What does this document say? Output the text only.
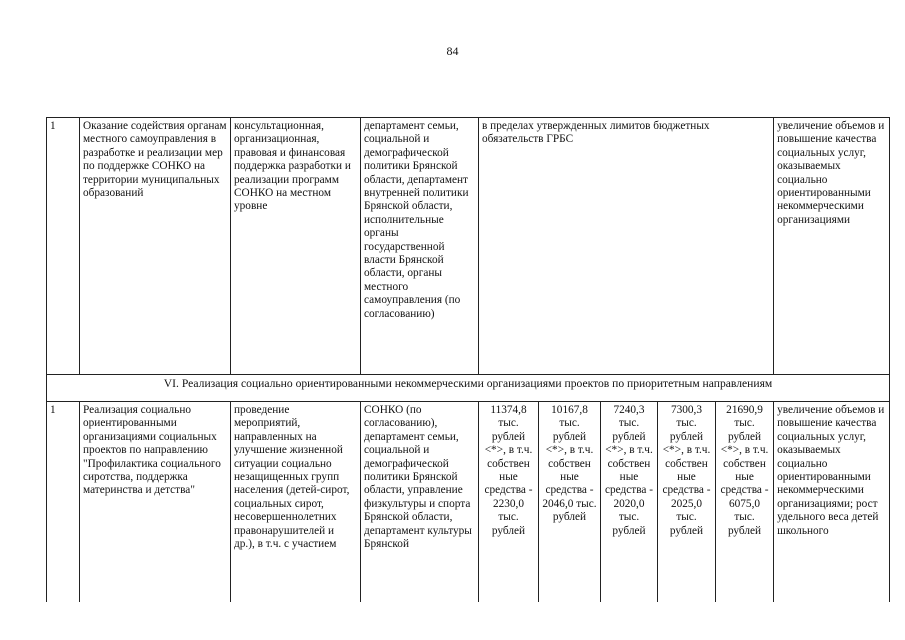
84
1	Оказание содействия органам местного самоуправления в разработке и реализации мер по поддержке СОНКО на территории муниципальных образований	консультационная, организационная, правовая и финансовая поддержка разработки и реализации программ СОНКО на местном уровне	департамент семьи, социальной и демографической политики Брянской области, департамент внутренней политики Брянской области, исполнительные органы государственной власти Брянской области, органы местного самоуправления (по согласованию)	в пределах утвержденных лимитов бюджетных обязательств ГРБС					увеличение объемов и повышение качества социальных услуг, оказываемых социально ориентированными некоммерческими организациями
VI. Реализация социально ориентированными некоммерческими организациями проектов по приоритетным направлениям									
1	Реализация социально ориентированными организациями социальных проектов по направлению "Профилактика социального сиротства, поддержка материнства и детства"	проведение мероприятий, направленных на улучшение жизненной ситуации социально незащищенных групп населения (детей-сирот, социальных сирот, несовершеннолетних правонарушителей и др.), в т.ч. с участием	СОНКО (по согласованию), департамент семьи, социальной и демографической политики Брянской области, управление физкультуры и спорта Брянской области, департамент культуры Брянской	11374,8 тыс. рублей <*>, в т.ч. собствен ные средства - 2230,0 тыс. рублей	10167,8 тыс. рублей <*>, в т.ч. собствен ные средства - 2046,0 тыс. рублей	7240,3 тыс. рублей <*>, в т.ч. собствен ные средства - 2020,0 тыс. рублей	7300,3 тыс. рублей <*>, в т.ч. собствен ные средства - 2025,0 тыс. рублей	21690,9 тыс. рублей <*>, в т.ч. собствен ные средства - 6075,0 тыс. рублей	увеличение объемов и повышение качества социальных услуг, оказываемых социально ориентированными некоммерческими организациями; рост удельного веса детей школьного
